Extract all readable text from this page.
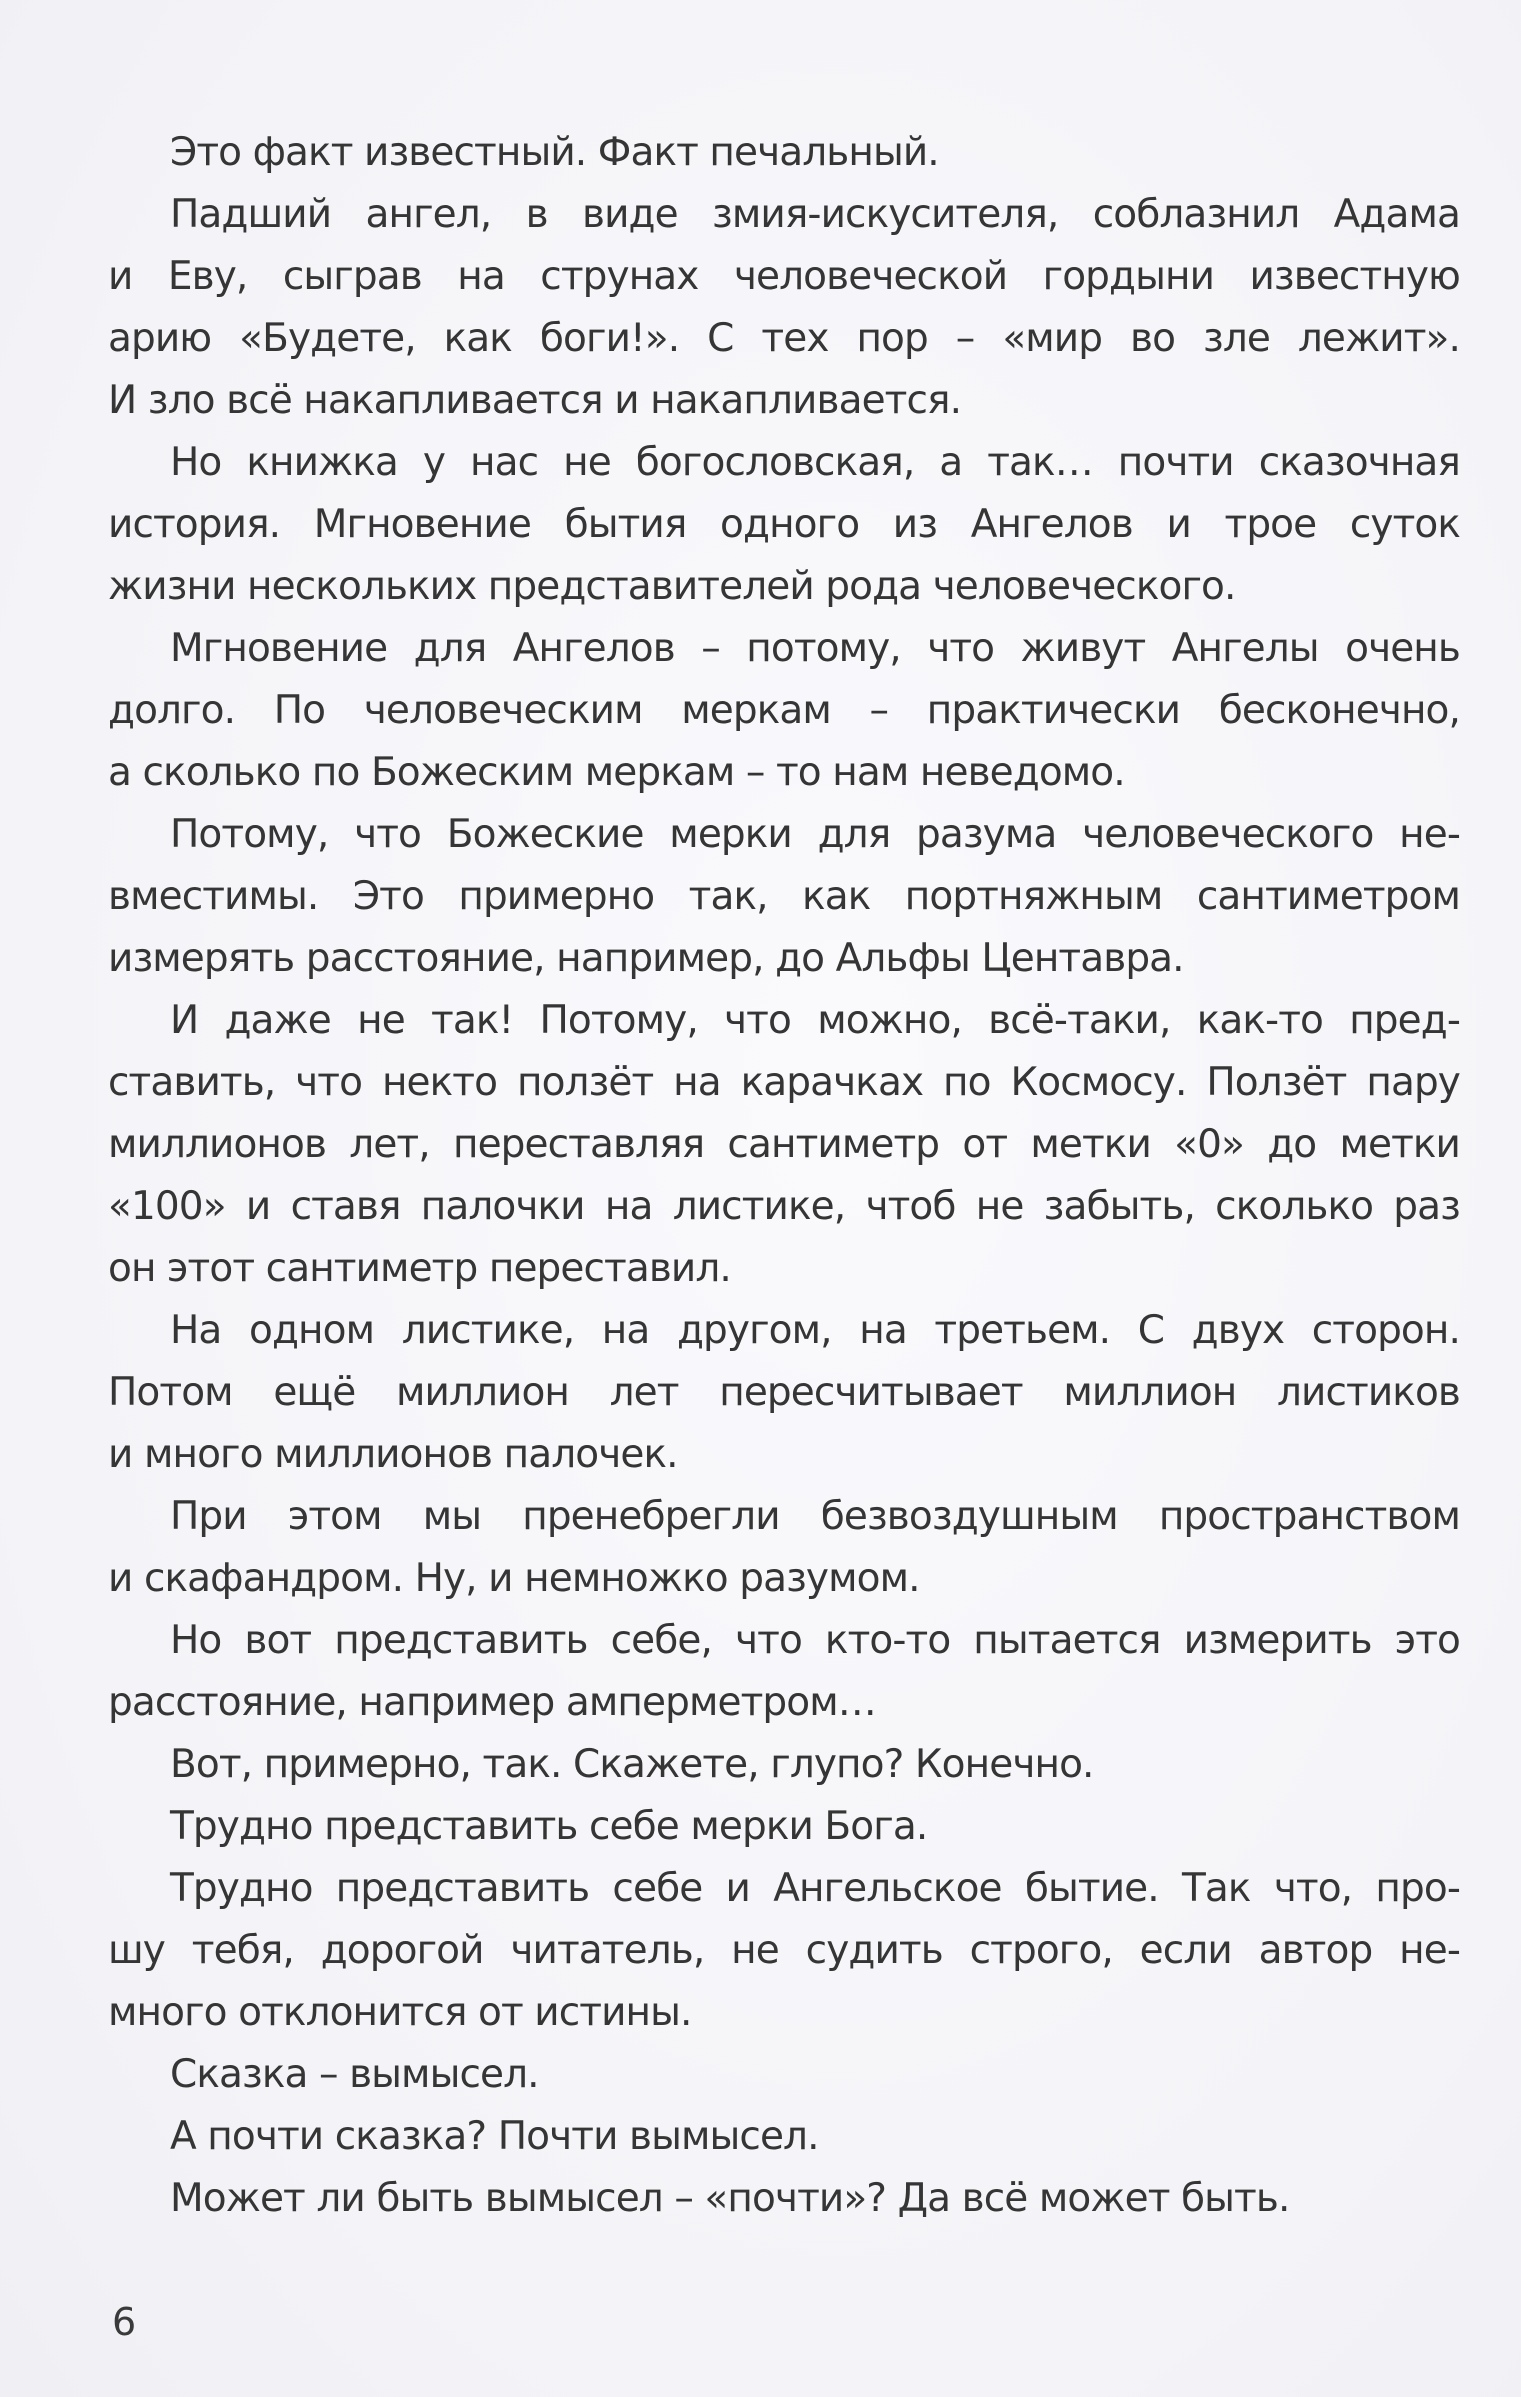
Это факт известный. Факт печальный.
Падший ангел, в виде змия-искусителя, соблазнил Адама
и Еву, сыграв на струнах человеческой гордыни известную
арию «Будете, как боги!». С тех пор – «мир во зле лежит».
И зло всё накапливается и накапливается.
Но книжка у нас не богословская, а так… почти сказочная
история. Мгновение бытия одного из Ангелов и трое суток
жизни нескольких представителей рода человеческого.
Мгновение для Ангелов – потому, что живут Ангелы очень
долго. По человеческим меркам – практически бесконечно,
а сколько по Божеским меркам – то нам неведомо.
Потому, что Божеские мерки для разума человеческого не-
вместимы. Это примерно так, как портняжным сантиметром
измерять расстояние, например, до Альфы Центавра.
И даже не так! Потому, что можно, всё-таки, как-то пред-
ставить, что некто ползёт на карачках по Космосу. Ползёт пару
миллионов лет, переставляя сантиметр от метки «0» до метки
«100» и ставя палочки на листике, чтоб не забыть, сколько раз
он этот сантиметр переставил.
На одном листике, на другом, на третьем. С двух сторон.
Потом ещё миллион лет пересчитывает миллион листиков
и много миллионов палочек.
При этом мы пренебрегли безвоздушным пространством
и скафандром. Ну, и немножко разумом.
Но вот представить себе, что кто-то пытается измерить это
расстояние, например амперметром…
Вот, примерно, так. Скажете, глупо? Конечно.
Трудно представить себе мерки Бога.
Трудно представить себе и Ангельское бытие. Так что, про-
шу тебя, дорогой читатель, не судить строго, если автор не-
много отклонится от истины.
Сказка – вымысел.
А почти сказка? Почти вымысел.
Может ли быть вымысел – «почти»? Да всё может быть.
6
